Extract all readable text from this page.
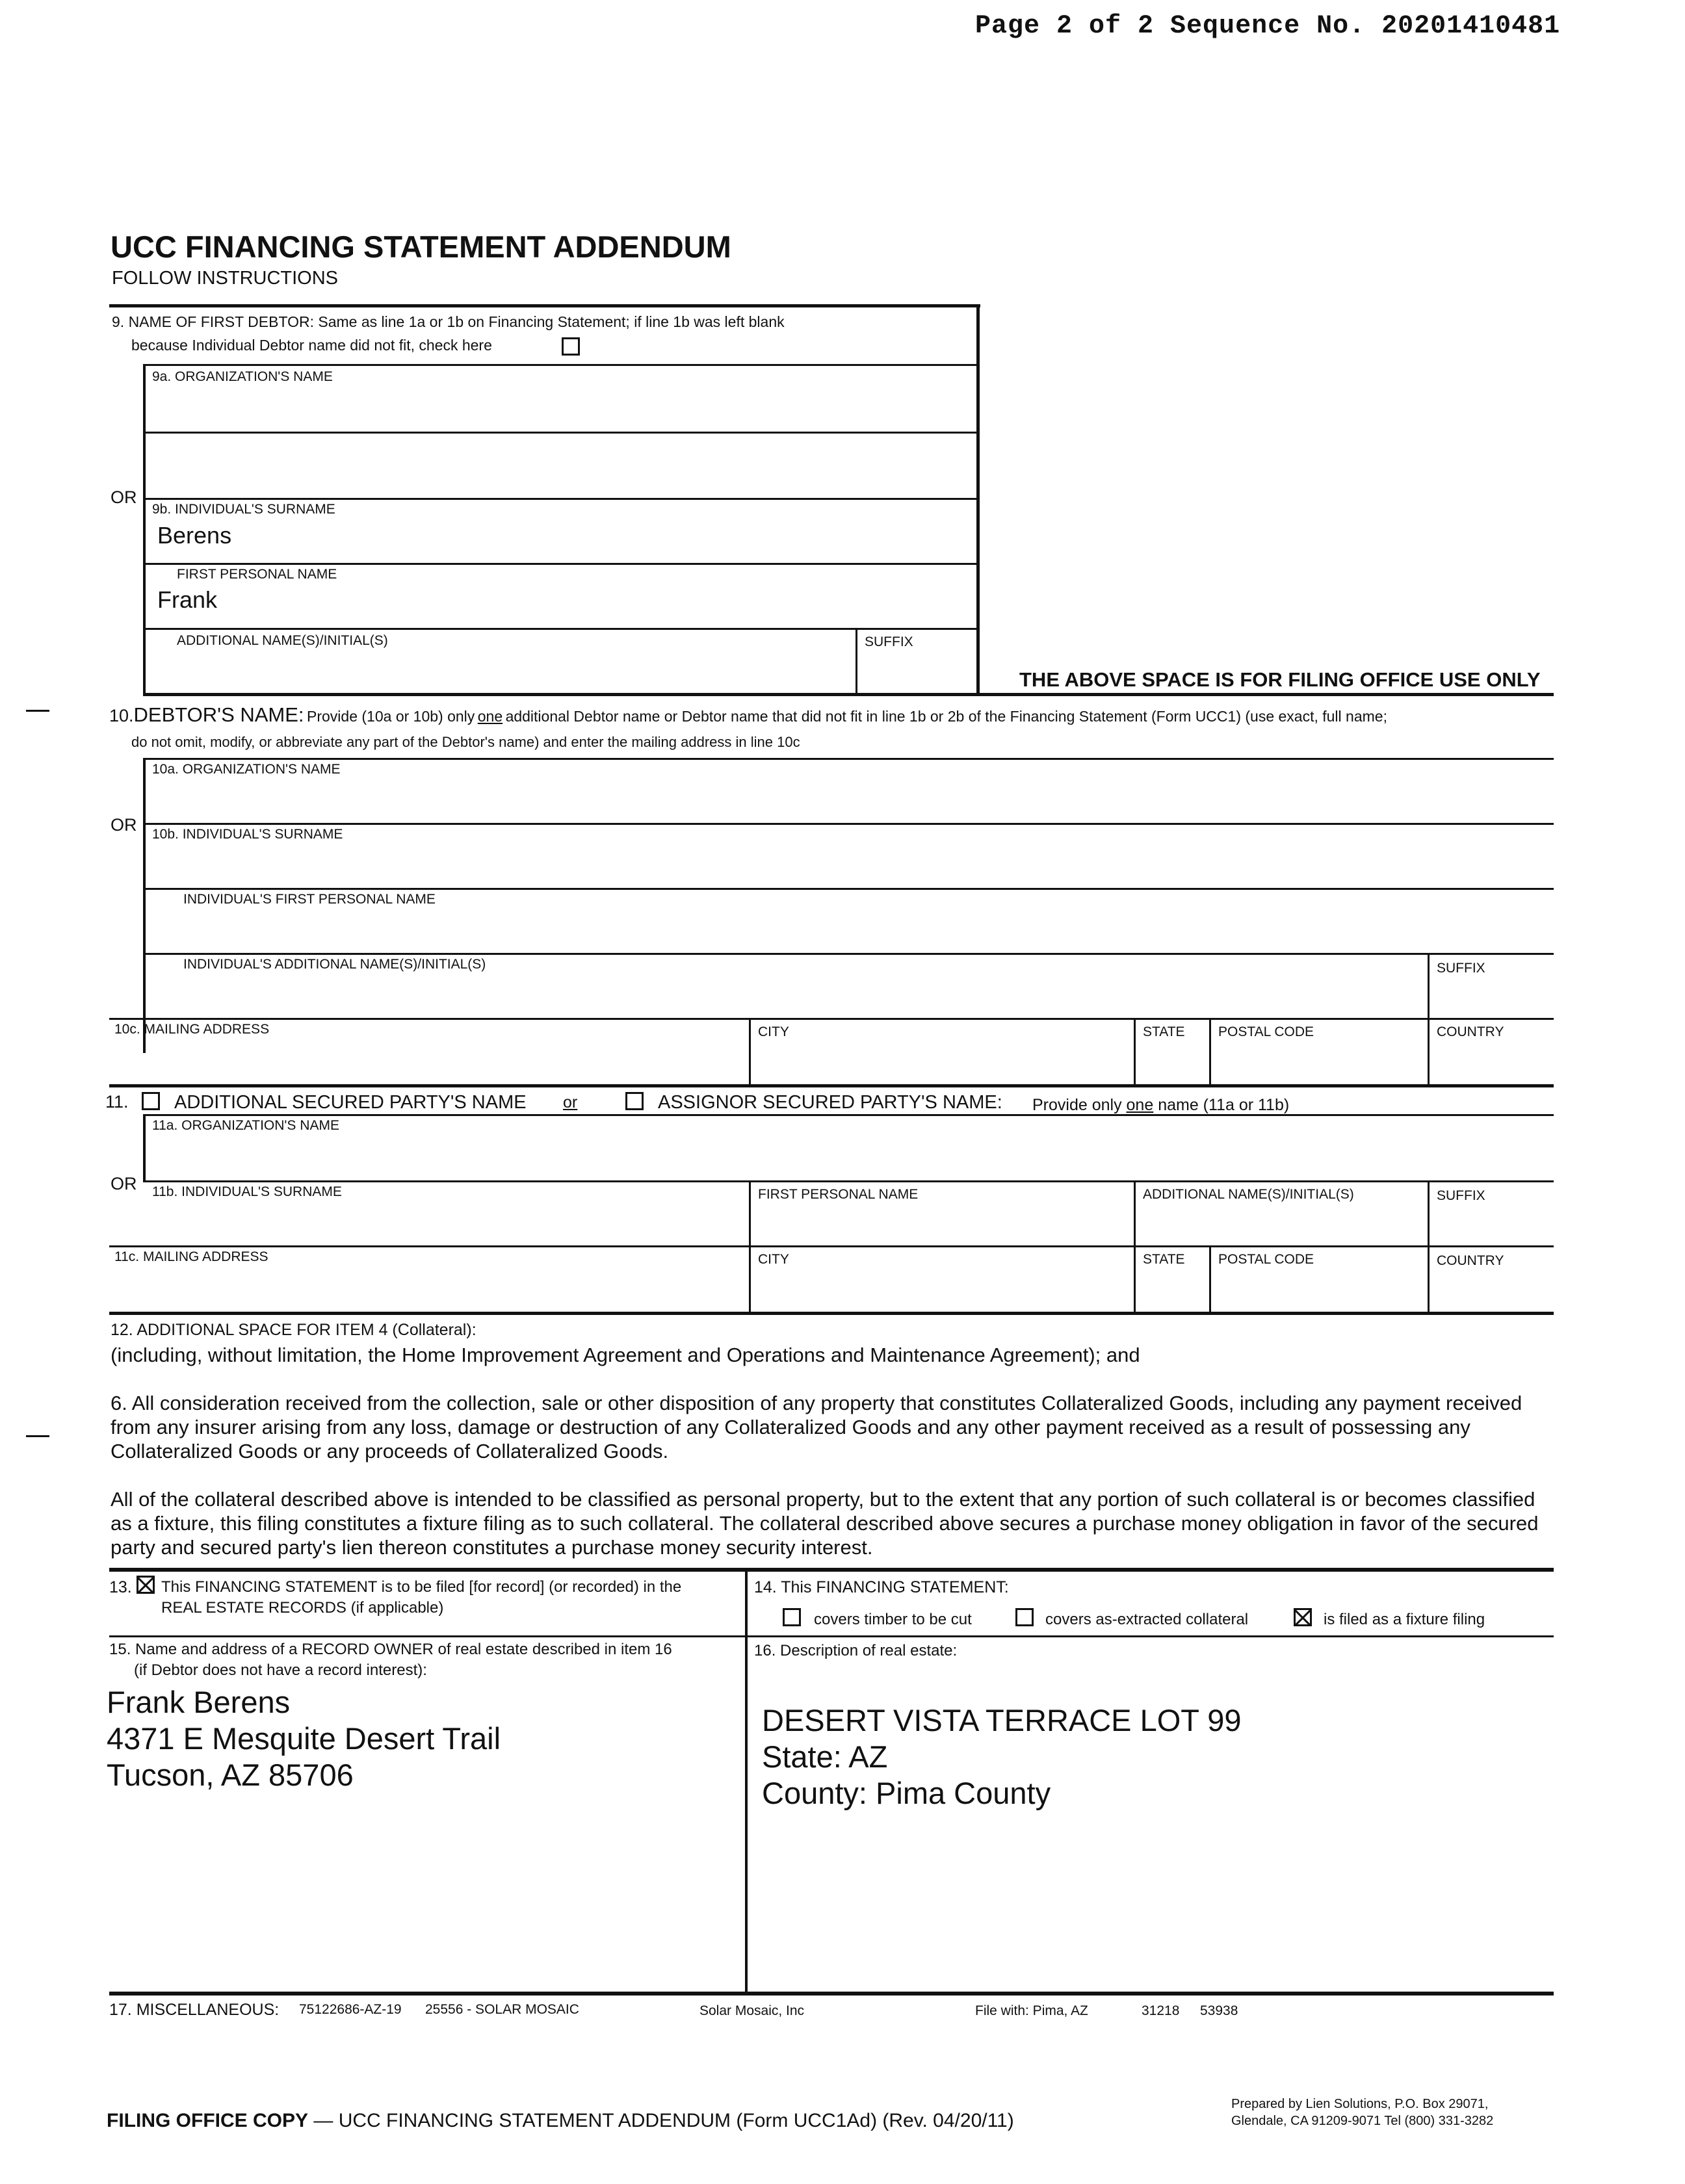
Page 2 of 2 Sequence No. 20201410481
UCC FINANCING STATEMENT ADDENDUM
FOLLOW INSTRUCTIONS
9. NAME OF FIRST DEBTOR: Same as line 1a or 1b on Financing Statement; if line 1b was left blank
because Individual Debtor name did not fit, check here
9a. ORGANIZATION'S NAME
OR
9b. INDIVIDUAL'S SURNAME
Berens
FIRST PERSONAL NAME
Frank
ADDITIONAL NAME(S)/INITIAL(S)	SUFFIX
THE ABOVE SPACE IS FOR FILING OFFICE USE ONLY
10.DEBTOR'S NAME: Provide (10a or 10b) only one additional Debtor name or Debtor name that did not fit in line 1b or 2b of the Financing Statement (Form UCC1) (use exact, full name;
do not omit, modify, or abbreviate any part of the Debtor's name) and enter the mailing address in line 10c
10a. ORGANIZATION'S NAME
OR 10b. INDIVIDUAL'S SURNAME
INDIVIDUAL'S FIRST PERSONAL NAME
INDIVIDUAL'S ADDITIONAL NAME(S)/INITIAL(S)	SUFFIX
10c. MAILING ADDRESS	CITY	STATE POSTAL CODE	COUNTRY
11. ADDITIONAL SECURED PARTY'S NAME or	ASSIGNOR SECURED PARTY'S NAME: Provide only one name (11a or 11b)
11a. ORGANIZATION'S NAME
OR 11b. INDIVIDUAL'S SURNAME	FIRST PERSONAL NAME	ADDITIONAL NAME(S)/INITIAL(S)	SUFFIX
11c. MAILING ADDRESS	CITY	STATE POSTAL CODE	COUNTRY
12. ADDITIONAL SPACE FOR ITEM 4 (Collateral):
(including, without limitation, the Home Improvement Agreement and Operations and Maintenance Agreement); and
6. All consideration received from the collection, sale or other disposition of any property that constitutes Collateralized Goods, including any payment received from any insurer arising from any loss, damage or destruction of any Collateralized Goods and any other payment received as a result of possessing any Collateralized Goods or any proceeds of Collateralized Goods.
All of the collateral described above is intended to be classified as personal property, but to the extent that any portion of such collateral is or becomes classified as a fixture, this filing constitutes a fixture filing as to such collateral. The collateral described above secures a purchase money obligation in favor of the secured party and secured party's lien thereon constitutes a purchase money security interest.
13. This FINANCING STATEMENT is to be filed [for record] (or recorded) in the
REAL ESTATE RECORDS (if applicable)
14. This FINANCING STATEMENT:
covers timber to be cut	covers as-extracted collateral	is filed as a fixture filing
15. Name and address of a RECORD OWNER of real estate described in item 16
(if Debtor does not have a record interest):
Frank Berens
4371 E Mesquite Desert Trail
Tucson, AZ 85706
16. Description of real estate:
DESERT VISTA TERRACE LOT 99
State: AZ
County: Pima County
17. MISCELLANEOUS: 75122686-AZ-19 25556 - SOLAR MOSAIC	Solar Mosaic, Inc	File with: Pima, AZ	31218 53938
FILING OFFICE COPY — UCC FINANCING STATEMENT ADDENDUM (Form UCC1Ad) (Rev. 04/20/11)
Prepared by Lien Solutions, P.O. Box 29071,
Glendale, CA 91209-9071 Tel (800) 331-3282
